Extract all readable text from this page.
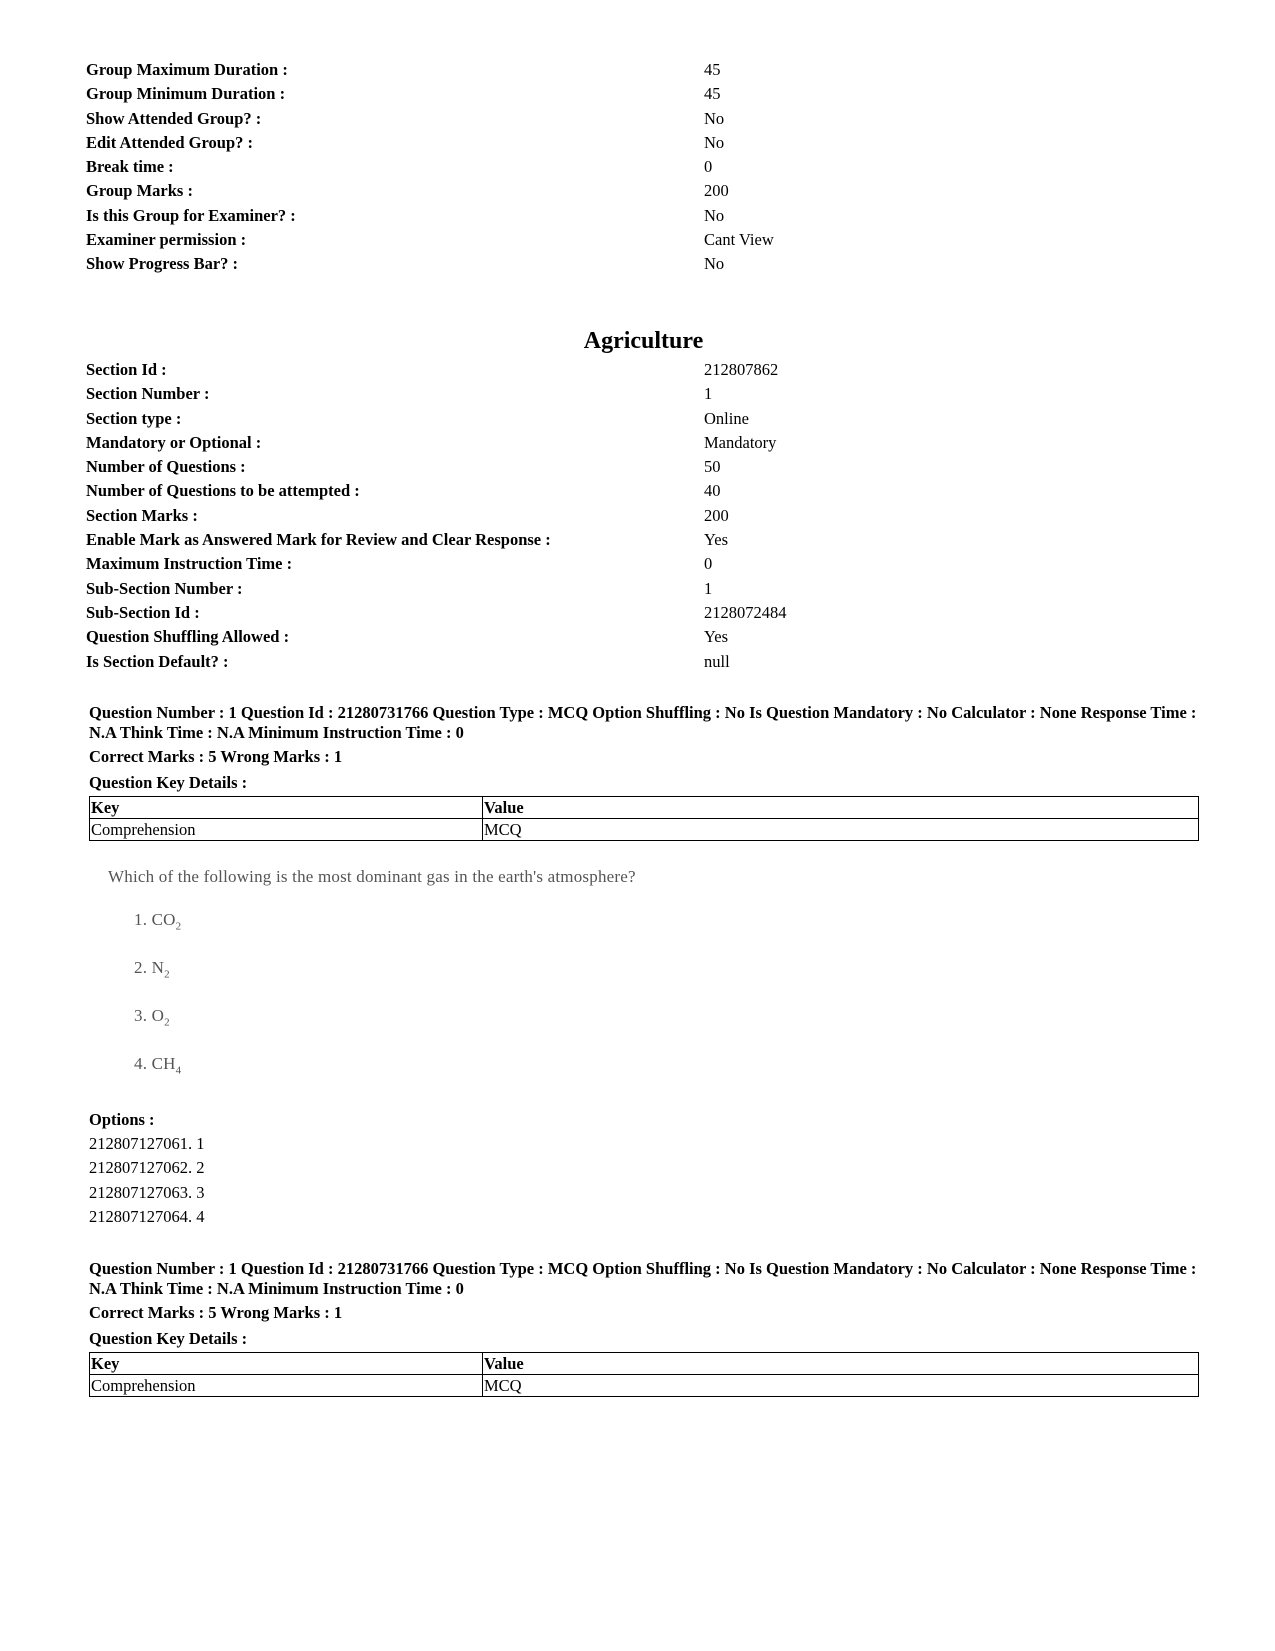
Group Maximum Duration :	45
Group Minimum Duration :	45
Show Attended Group? :	No
Edit Attended Group? :	No
Break time :	0
Group Marks :	200
Is this Group for Examiner? :	No
Examiner permission :	Cant View
Show Progress Bar? :	No
Agriculture
Section Id :	212807862
Section Number :	1
Section type :	Online
Mandatory or Optional :	Mandatory
Number of Questions :	50
Number of Questions to be attempted :	40
Section Marks :	200
Enable Mark as Answered Mark for Review and Clear Response :	Yes
Maximum Instruction Time :	0
Sub-Section Number :	1
Sub-Section Id :	2128072484
Question Shuffling Allowed :	Yes
Is Section Default? :	null
Question Number : 1 Question Id : 21280731766 Question Type : MCQ Option Shuffling : No Is Question Mandatory : No Calculator : None Response Time : N.A Think Time : N.A Minimum Instruction Time : 0
Correct Marks : 5 Wrong Marks : 1
Question Key Details :
Key	Value
Comprehension	MCQ
Which of the following is the most dominant gas in the earth's atmosphere?
1. $CO_2$
2. $N_2$
3. $O_2$
4. $CH_4$
Options :
212807127061. 1
212807127062. 2
212807127063. 3
212807127064. 4
Question Number : 1 Question Id : 21280731766 Question Type : MCQ Option Shuffling : No Is Question Mandatory : No Calculator : None Response Time : N.A Think Time : N.A Minimum Instruction Time : 0
Correct Marks : 5 Wrong Marks : 1
Question Key Details :
Key	Value
Comprehension	MCQ
